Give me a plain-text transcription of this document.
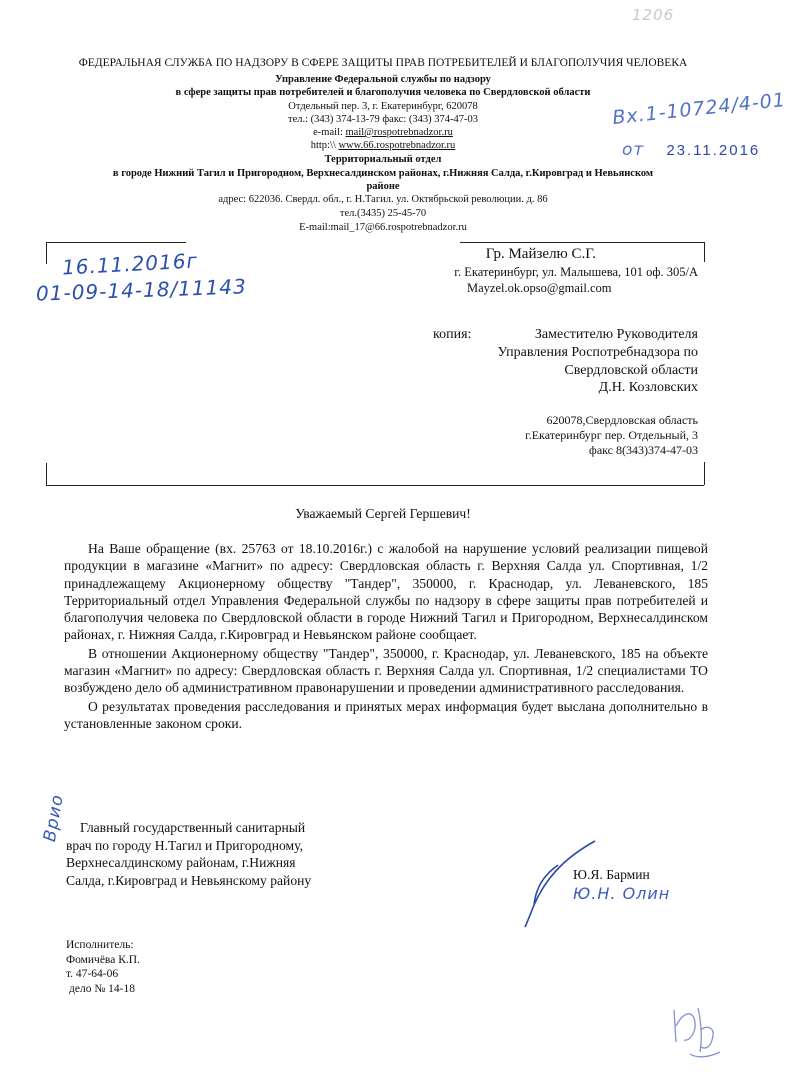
1206
ФЕДЕРАЛЬНАЯ СЛУЖБА ПО НАДЗОРУ В СФЕРЕ ЗАЩИТЫ ПРАВ ПОТРЕБИТЕЛЕЙ И БЛАГОПОЛУЧИЯ ЧЕЛОВЕКА
Управление Федеральной службы по надзору
в сфере защиты прав потребителей и благополучия человека по Свердловской области
Отдельный пер. 3, г. Екатеринбург, 620078
тел.: (343) 374-13-79 факс: (343) 374-47-03
e-mail: mail@rospotrebnadzor.ru
http:\\ www.66.rospotrebnadzor.ru
Территориальный отдел
в городе Нижний Тагил и Пригородном, Верхнесалдинском районах, г.Нижняя Салда, г.Кировград и Невьянском
районе
адрес: 622036. Свердл. обл., г. Н.Тагил. ул. Октябрьской революции. д. 86
тел.(3435) 25-45-70
E-mail:mail_17@66.rospotrebnadzor.ru
Вх.1-10724/4-01
от 23.11.2016
16.11.2016г
01-09-14-18/11143
Гр. Майзелю С.Г.
г. Екатеринбург, ул. Малышева, 101 оф. 305/А
Mayzel.ok.opso@gmail.com
копия:	Заместителю Руководителя
Управления Роспотребнадзора по
Свердловской области
Д.Н. Козловских
620078,Свердловская область
г.Екатеринбург пер. Отдельный, 3
факс 8(343)374-47-03
Уважаемый Сергей Гершевич!

На Ваше обращение (вх. 25763 от 18.10.2016г.) с жалобой на нарушение условий реализации пищевой продукции в магазине «Магнит» по адресу: Свердловская область г. Верхняя Салда ул. Спортивная, 1/2 принадлежащему Акционерному обществу "Тандер", 350000, г. Краснодар, ул. Леваневского, 185 Территориальный отдел Управления Федеральной службы по надзору в сфере защиты прав потребителей и благополучия человека по Свердловской области в городе Нижний Тагил и Пригородном, Верхнесалдинском районах, г. Нижняя Салда, г.Кировград и Невьянском районе сообщает.

В отношении Акционерному обществу "Тандер", 350000, г. Краснодар, ул. Леваневского, 185 на объекте магазин «Магнит» по адресу: Свердловская область г. Верхняя Салда ул. Спортивная, 1/2 специалистами ТО возбуждено дело об административном правонарушении и проведении административного расследования.

О результатах проведения расследования и принятых мерах информация будет выслана дополнительно в установленные законом сроки.

Врио Главный государственный санитарный
врач по городу Н.Тагил и Пригородному,
Верхнесалдинскому районам, г.Нижняя
Салда, г.Кировград и Невьянскому району	Ю.Я. Бармин
Ю.Н. Олин
Исполнитель:
Фомичёва К.П.
т. 47-64-06
дело № 14-18
